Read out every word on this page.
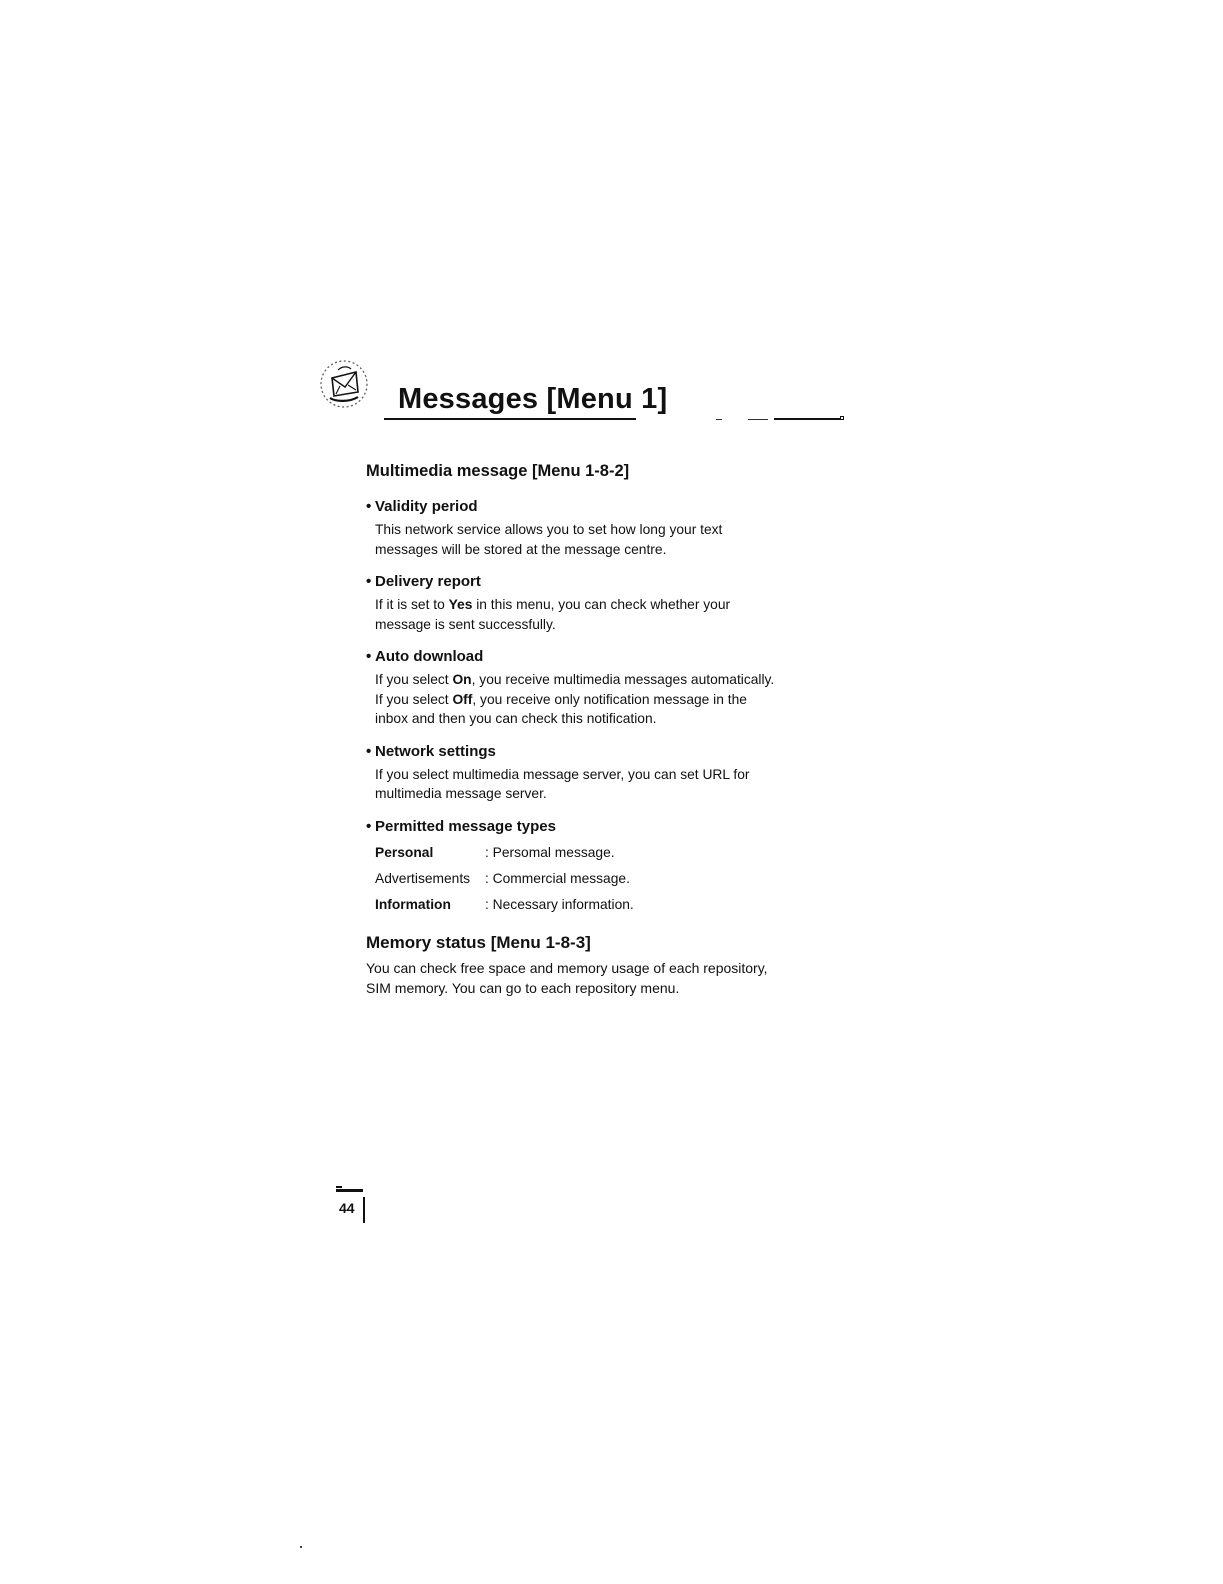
Messages [Menu 1]
Multimedia message [Menu 1-8-2]
• Validity period

This network service allows you to set how long your text

messages will be stored at the message centre.

• Delivery report

If it is set to Yes in this menu, you can check whether your

message is sent successfully.

• Auto download

If you select On, you receive multimedia messages automatically.

If you select Off, you receive only notification message in the

inbox and then you can check this notification.

• Network settings

If you select multimedia message server, you can set URL for

multimedia message server.

• Permitted message types
Personal	: Persomal message.
Advertisements	: Commercial message.
Information	: Necessary information.
Memory status [Menu 1-8-3]

You can check free space and memory usage of each repository,

SIM memory. You can go to each repository menu.

44
